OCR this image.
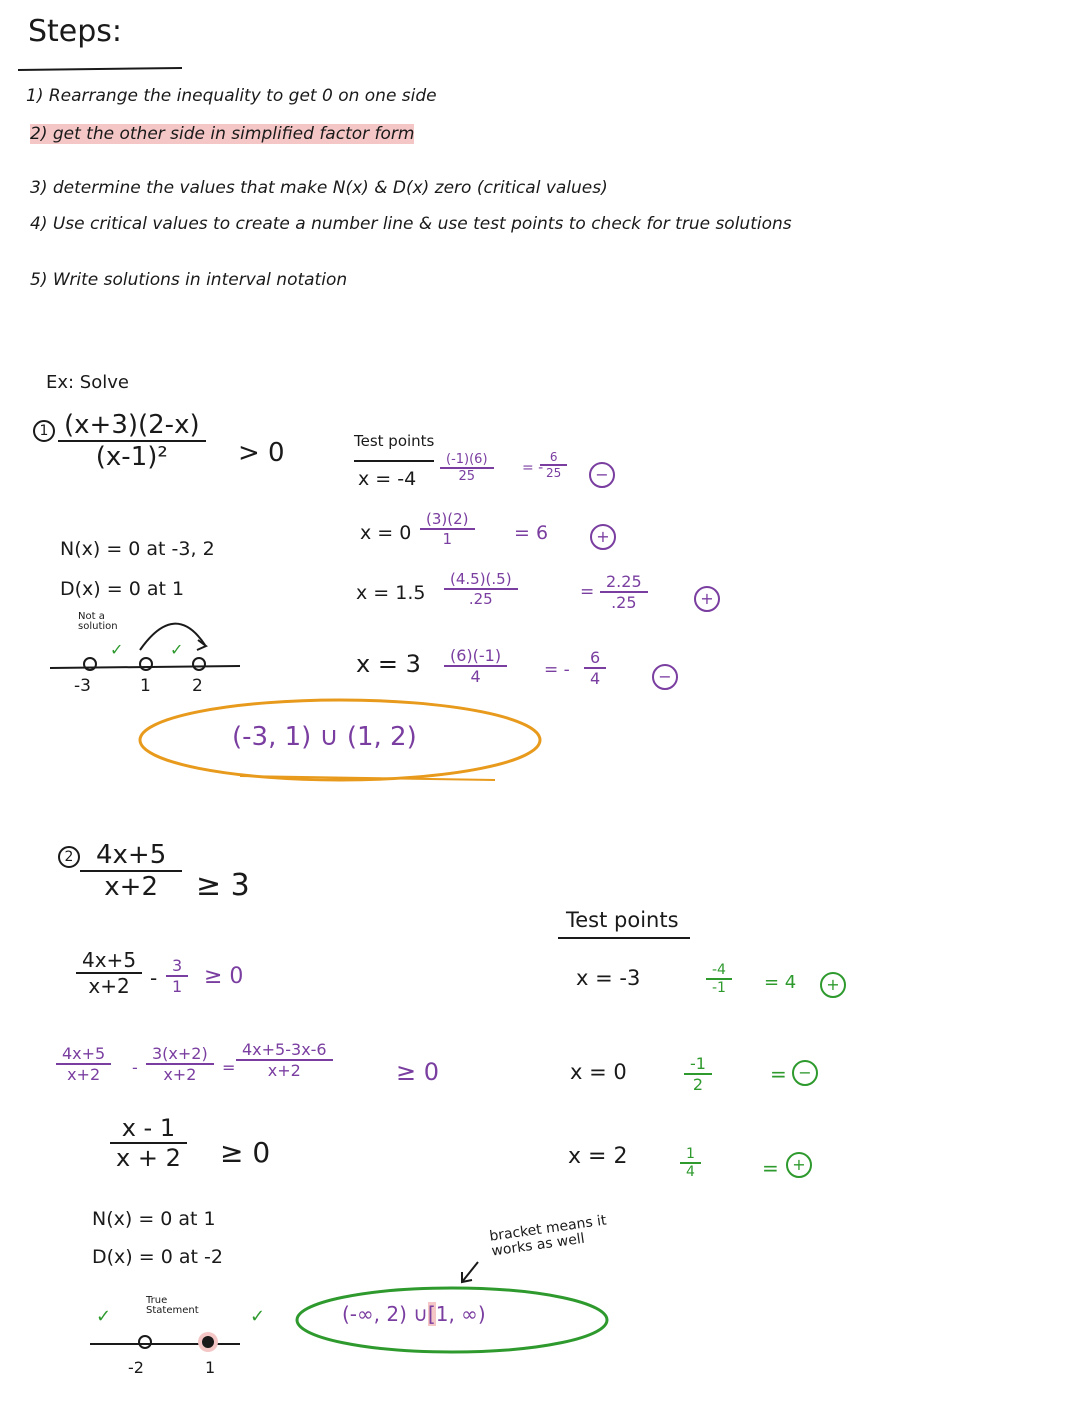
Steps:
1) Rearrange the inequality to get 0 on one side
2) get the other side in simplified factor form
3) determine the values that make N(x) & D(x) zero (critical values)
4) Use critical values to create a number line & use test points to check for true solutions
5) Write solutions in interval notation
Ex: Solve
$1 \frac{(x+3)(2-x)}{\text{(x-1)²}} > 0$
N(x) = 0 at -3, 2
D(x) = 0 at 1
Not a solution
✓	✓
-3	1 2
Test points
$x = -4 \frac{(-1)(6)}{25}$ = -
$\frac{6}{25}$	−
$x = 0 \frac{(3)(2)}{1} = 6$	+
$x = 1.5 \frac{(4.5)(.5)}{.25}$	= $\frac{2.25}{.25}$	+
$x = 3 \frac{(6)(-1)}{4}$ = - $\frac{6}{4}$	−
(-3, 1) ∪ (1, 2)
$2 \frac{4x+5}{x+2} \ge 3$
$\frac{4x+5}{x+2} - \frac{3}{1} \ge 0$
$\frac{4x+5}{x+2} - \frac{3(x+2)}{x+2} = \frac{4x+5-3x-6}{x+2}$	≥ 0
$\frac{x - 1}{x + 2} \ge 0$
N(x) = 0 at 1
D(x) = 0 at -2
True Statement
✓	✓
-2	1
(-∞, 2) ∪[1, ∞)
bracket means it works as well
Test points
x = -3	$\frac{-4}{-1} = 4$	+
x = 0	$\frac{-1}{2}$	= −
x = 2	$\frac{1}{4}$	= +
